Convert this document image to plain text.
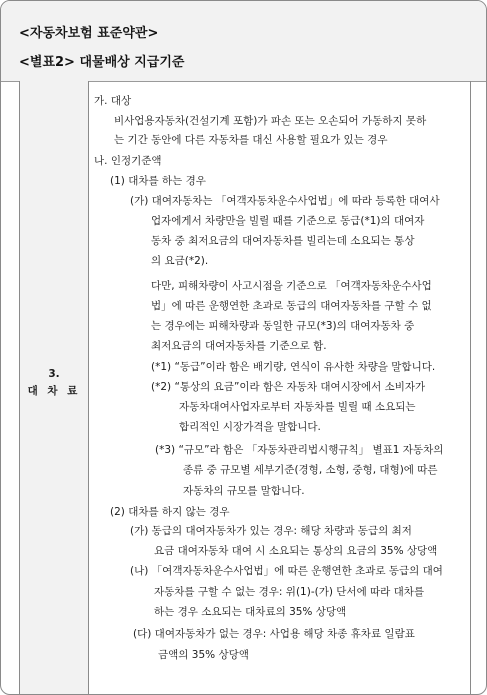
<자동차보험 표준약관>
<별표2> 대물배상 지급기준
3.
대 차 료
가. 대상
비사업용자동차(건설기계 포함)가 파손 또는 오손되어 가동하지 못하
는 기간 동안에 다른 자동차를 대신 사용할 필요가 있는 경우
나. 인정기준액
(1) 대차를 하는 경우
(가) 대여자동차는 「여객자동차운수사업법」에 따라 등록한 대여사
업자에게서 차량만을 빌릴 때를 기준으로 동급(*1)의 대여자
동차 중 최저요금의 대여자동차를 빌리는데 소요되는 통상
의 요금(*2).
다만, 피해차량이 사고시점을 기준으로 「여객자동차운수사업
법」에 따른 운행연한 초과로 동급의 대여자동차를 구할 수 없
는 경우에는 피해차량과 동일한 규모(*3)의 대여자동차 중
최저요금의 대여자동차를 기준으로 함.
(*1) “동급”이라 함은 배기량, 연식이 유사한 차량을 말합니다.
(*2) “통상의 요금”이라 함은 자동차 대여시장에서 소비자가
자동차대여사업자로부터 자동차를 빌릴 때 소요되는
합리적인 시장가격을 말합니다.
(*3) “규모”라 함은 「자동차관리법시행규칙」 별표1 자동차의
종류 중 규모별 세부기준(경형, 소형, 중형, 대형)에 따른
자동차의 규모를 말합니다.
(2) 대차를 하지 않는 경우
(가) 동급의 대여자동차가 있는 경우: 해당 차량과 동급의 최저
요금 대여자동차 대여 시 소요되는 통상의 요금의 35% 상당액
(나) 「여객자동차운수사업법」에 따른 운행연한 초과로 동급의 대여
자동차를 구할 수 없는 경우: 위(1)-(가) 단서에 따라 대차를
하는 경우 소요되는 대차료의 35% 상당액
(다) 대여자동차가 없는 경우: 사업용 해당 차종 휴차료 일람표
금액의 35% 상당액
